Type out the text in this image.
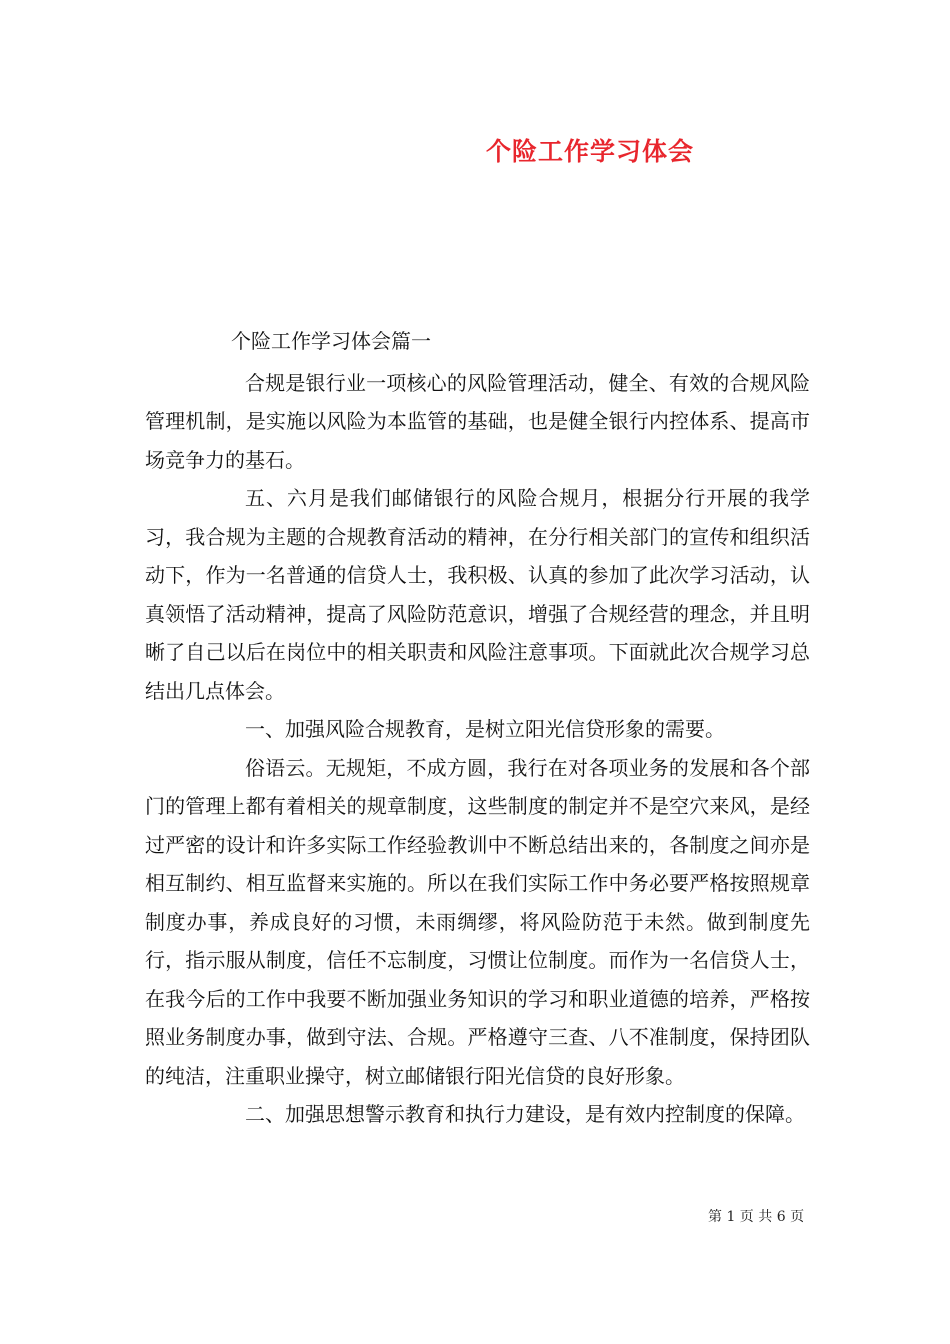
个险工作学习体会

个险工作学习体会篇一

合规是银行业一项核心的风险管理活动，健全、有效的合规风险管理机制，是实施以风险为本监管的基础，也是健全银行内控体系、提高市场竞争力的基石。

五、六月是我们邮储银行的风险合规月，根据分行开展的我学习，我合规为主题的合规教育活动的精神，在分行相关部门的宣传和组织活动下，作为一名普通的信贷人士，我积极、认真的参加了此次学习活动，认真领悟了活动精神，提高了风险防范意识，增强了合规经营的理念，并且明晰了自己以后在岗位中的相关职责和风险注意事项。下面就此次合规学习总结出几点体会。

一、加强风险合规教育，是树立阳光信贷形象的需要。

俗语云。无规矩，不成方圆，我行在对各项业务的发展和各个部门的管理上都有着相关的规章制度，这些制度的制定并不是空穴来风，是经过严密的设计和许多实际工作经验教训中不断总结出来的，各制度之间亦是相互制约、相互监督来实施的。所以在我们实际工作中务必要严格按照规章制度办事，养成良好的习惯，未雨绸缪，将风险防范于未然。做到制度先行，指示服从制度，信任不忘制度，习惯让位制度。而作为一名信贷人士，在我今后的工作中我要不断加强业务知识的学习和职业道德的培养，严格按照业务制度办事，做到守法、合规。严格遵守三查、八不准制度，保持团队的纯洁，注重职业操守，树立邮储银行阳光信贷的良好形象。

二、加强思想警示教育和执行力建设，是有效内控制度的保障。

第 1 页 共 6 页
